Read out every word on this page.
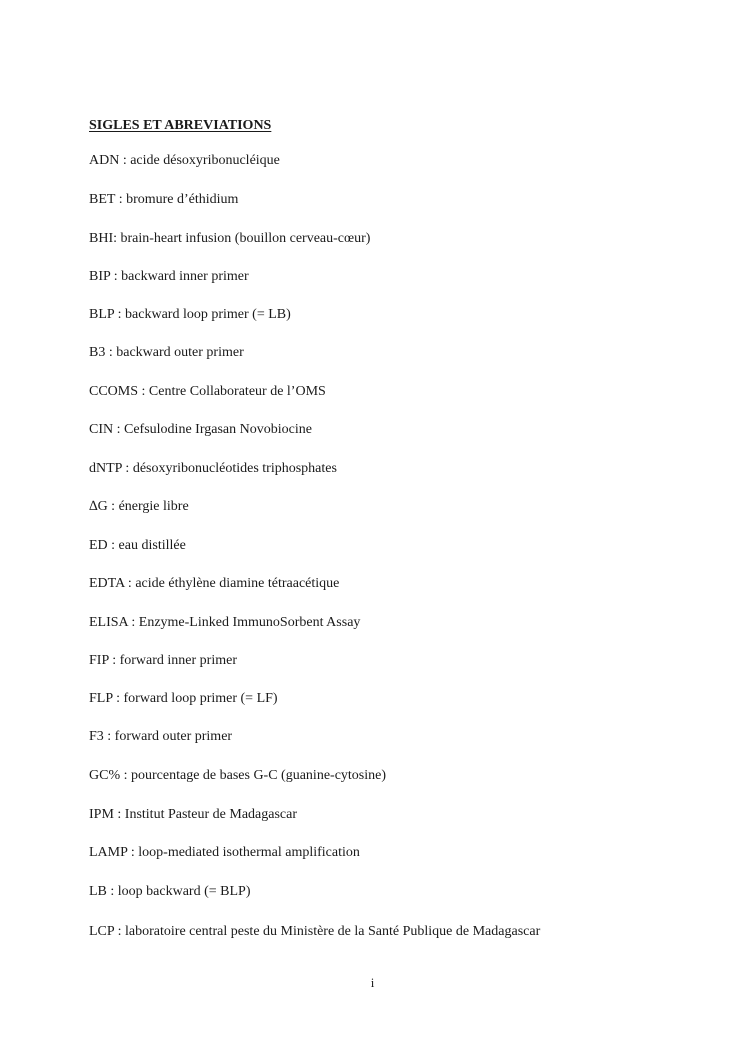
SIGLES ET ABREVIATIONS
ADN : acide désoxyribonucléique
BET : bromure d’éthidium
BHI: brain-heart infusion (bouillon cerveau-cœur)
BIP : backward inner primer
BLP : backward loop primer (= LB)
B3 : backward outer primer
CCOMS : Centre Collaborateur de l’OMS
CIN : Cefsulodine Irgasan Novobiocine
dNTP : désoxyribonucléotides triphosphates
∆G : énergie libre
ED : eau distillée
EDTA : acide éthylène diamine tétraacétique
ELISA : Enzyme-Linked ImmunoSorbent Assay
FIP : forward inner primer
FLP : forward loop primer (= LF)
F3 : forward outer primer
GC% : pourcentage de bases G-C (guanine-cytosine)
IPM : Institut Pasteur de Madagascar
LAMP : loop-mediated isothermal amplification
LB : loop backward (= BLP)
LCP : laboratoire central peste du Ministère de la Santé Publique de Madagascar

i
